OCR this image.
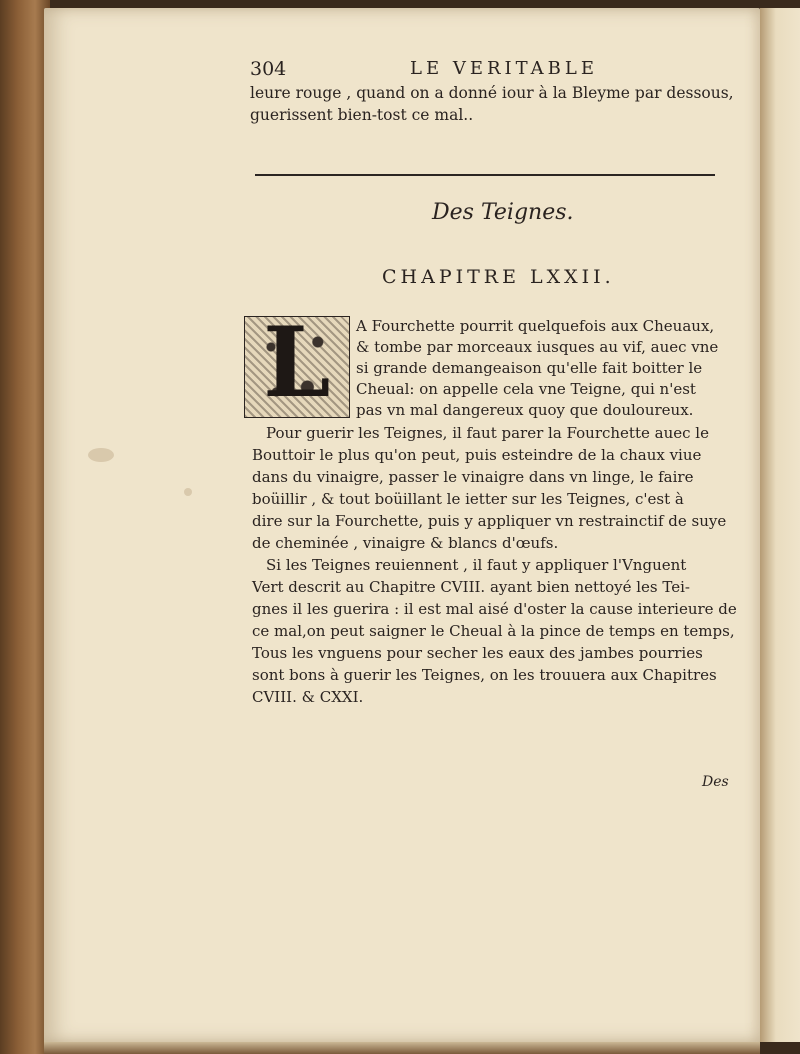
304	LE VERITABLE
leure rouge , quand on a donné iour à la Bleyme par dessous,
guerissent bien-tost ce mal..
Des Teignes.
CHAPITRE LXXII.
L A Fourchette pourrit quelquefois aux Cheuaux,
& tombe par morceaux iusques au vif, auec vne
si grande demangeaison qu'elle fait boitter le
Cheual: on appelle cela vne Teigne, qui n'est
pas vn mal dangereux quoy que douloureux.
Pour guerir les Teignes, il faut parer la Fourchette auec le
Bouttoir le plus qu'on peut, puis esteindre de la chaux viue
dans du vinaigre, passer le vinaigre dans vn linge, le faire
boüillir , & tout boüillant le ietter sur les Teignes, c'est à
dire sur la Fourchette, puis y appliquer vn restrainctif de suye
de cheminée , vinaigre & blancs d'œufs.
Si les Teignes reuiennent , il faut y appliquer l'Vnguent
Vert descrit au Chapitre CVIII. ayant bien nettoyé les Tei-
gnes il les guerira : il est mal aisé d'oster la cause interieure de
ce mal,on peut saigner le Cheual à la pince de temps en temps,
Tous les vnguens pour secher les eaux des jambes pourries
sont bons à guerir les Teignes, on les trouuera aux Chapitres
CVIII. & CXXI.
Des
